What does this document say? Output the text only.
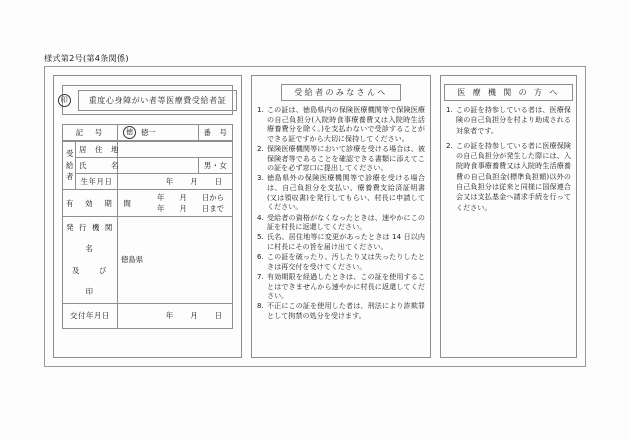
様式第2号(第4条関係)
印	重度心身障がい者等医療費受給者証
記　号	徳	徳一	番　号
受
給
者	居　住　地		
	氏　　　名		男・女
	生年月日	年 月 日	

有　効　期　間	
年 月 日から
年 月 日まで

発 行 機 関 名
及　　び　　印		徳島県	
交付年月日		年 月 日	
受給者のみなさんへ
この証は、徳島県内の保険医療機関等で保険医療の自己負担分(入院時食事療養費又は入院時生活療養費分を除く。)を支払わないで受診することができる証ですから大切に保持してください。
保険医療機関等において診療を受ける場合は、被保険者等であることを確認できる書類に添えてこの証を必ず窓口に提出してください。
徳島県外の保険医療機関等で診療を受ける場合は、自己負担分を支払い、療養費支給済証明書(又は領収書)を発行してもらい、村長に申請してください。
受給者の資格がなくなったときは、速やかにこの証を村長に返還してください。
氏名、居住地等に変更があったときは 14 日以内に村長にその旨を届け出てください。
この証を破ったり、汚したり又は失ったりしたときは再交付を受けてください。
有効期限を経過したときは、この証を使用することはできませんから速やかに村長に返還してください。
不正にこの証を使用した者は、刑法により詐欺罪として拘禁の処分を受けます。
医 療 機 関 の 方 へ
この証を持参している者は、医療保険の自己負担分を村より助成される対象者です。
この証を持参している者に医療保険の自己負担分が発生した際には、入院時食事療養費又は入院時生活療養費の自己負担金(標準負担額)以外の自己負担分は従来と同様に国保連合会又は支払基金へ請求手続を行ってください。
